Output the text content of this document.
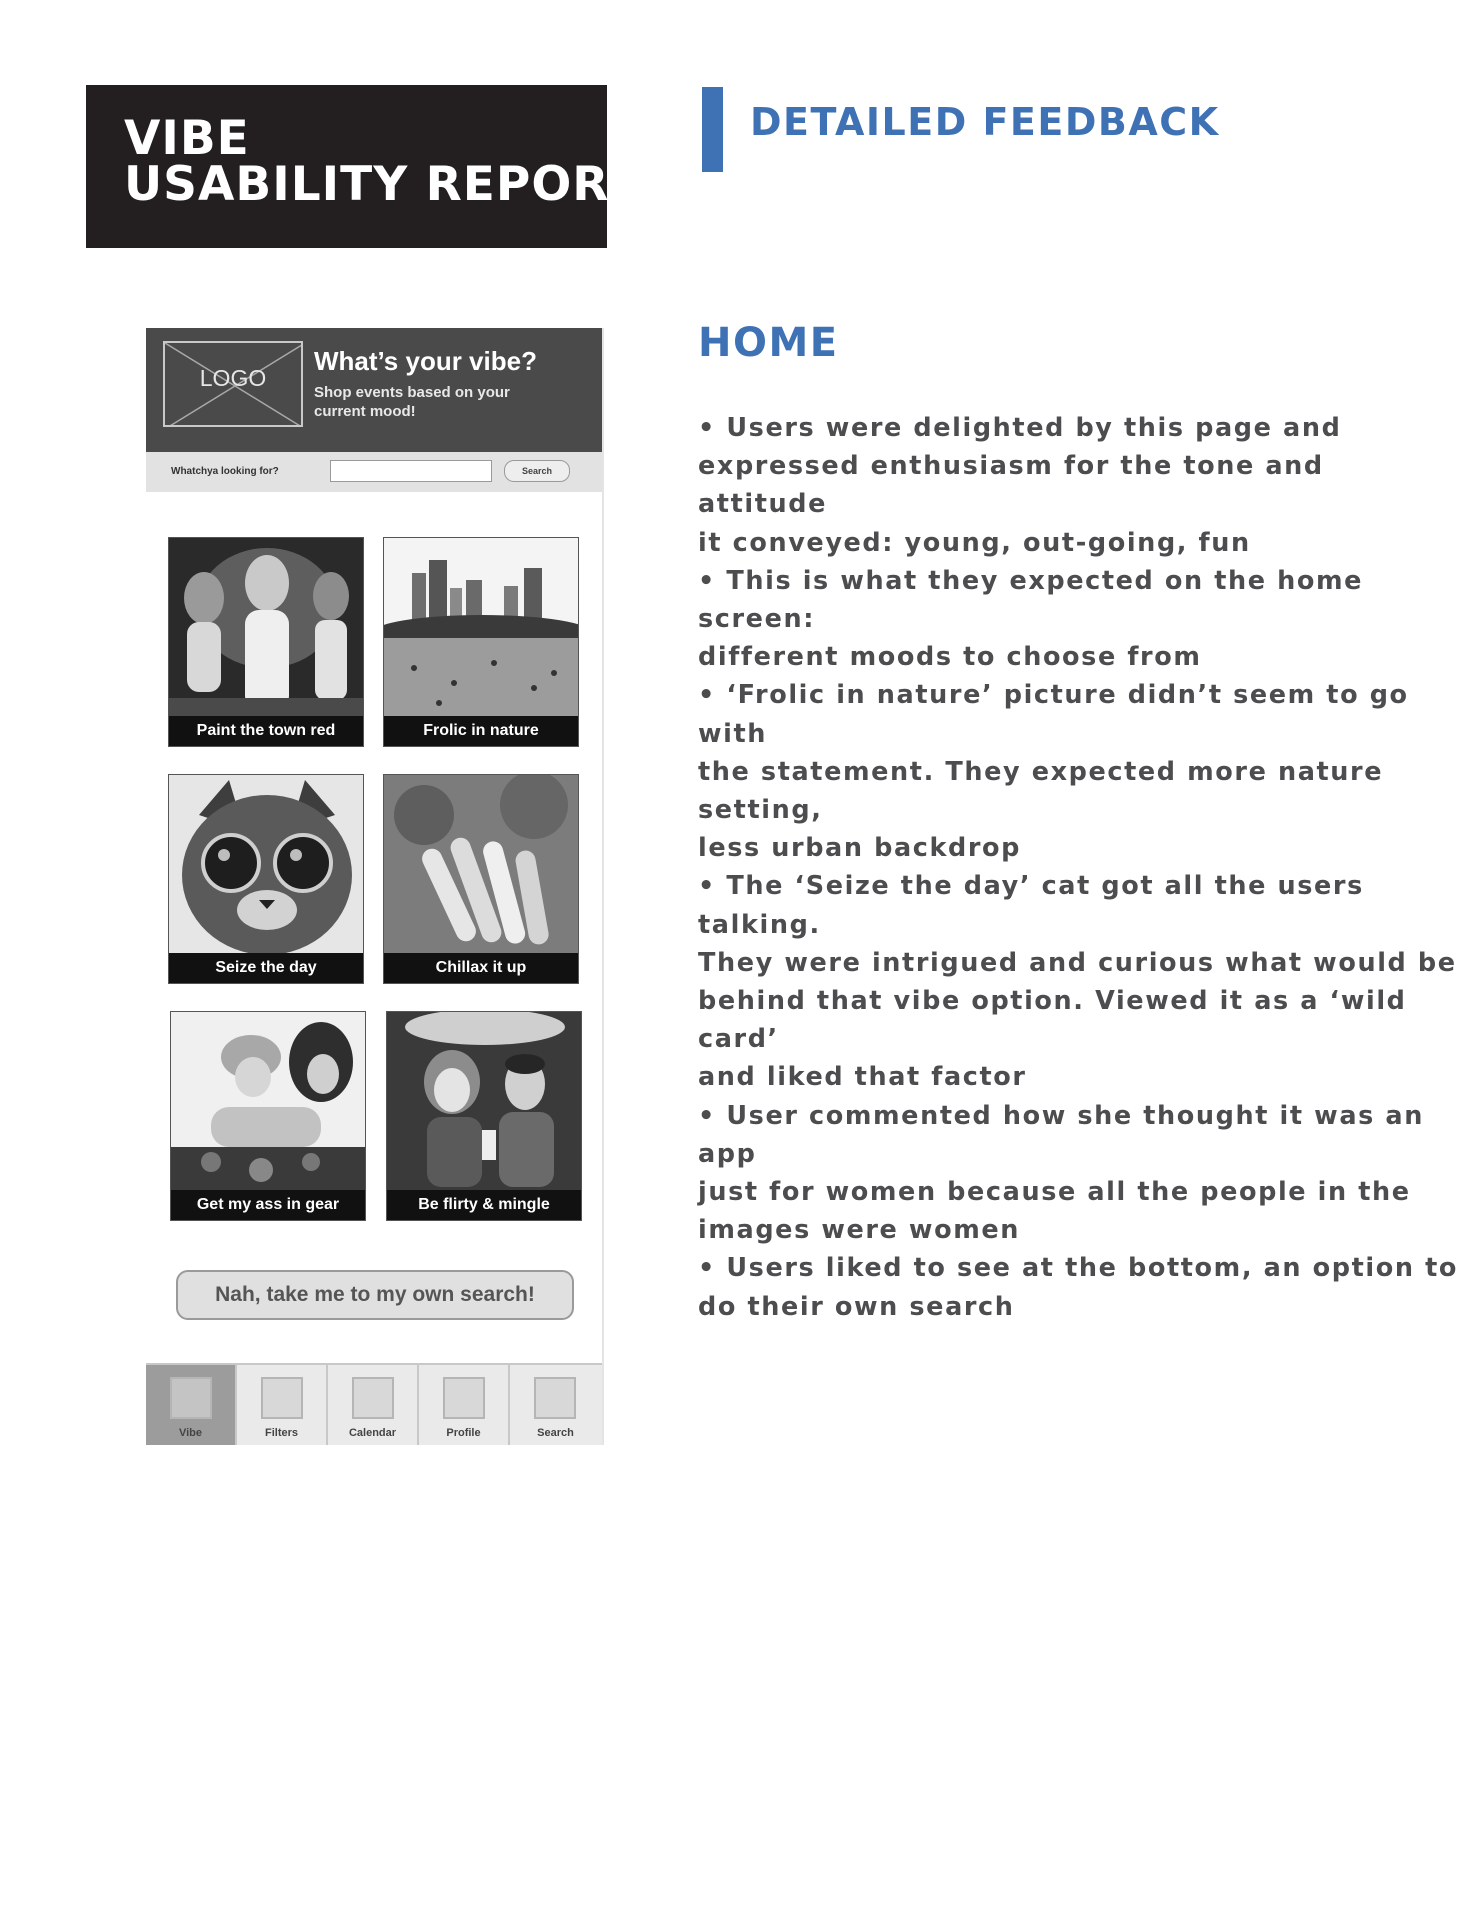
VIBE
USABILITY REPORT
DETAILED FEEDBACK
HOME
• Users were delighted by this page and
expressed enthusiasm for the tone and attitude
it conveyed: young, out-going, fun
• This is what they expected on the home screen:
different moods to choose from
• ‘Frolic in nature’ picture didn’t seem to go with
the statement. They expected more nature setting,
less urban backdrop
• The ‘Seize the day’ cat got all the users talking.
They were intrigued and curious what would be
behind that vibe option. Viewed it as a ‘wild card’
and liked that factor
• User commented how she thought it was an app
just for women because all the people in the
images were women
• Users liked to see at the bottom, an option to
do their own search
LOGO
What’s your vibe?
Shop events based on your current mood!
Whatchya looking for?	Search
Paint the town red	Frolic in nature
Seize the day	Chillax it up
Get my ass in gear	Be flirty & mingle
Nah, take me to my own search!
Vibe	Filters	Calendar	Profile	Search
